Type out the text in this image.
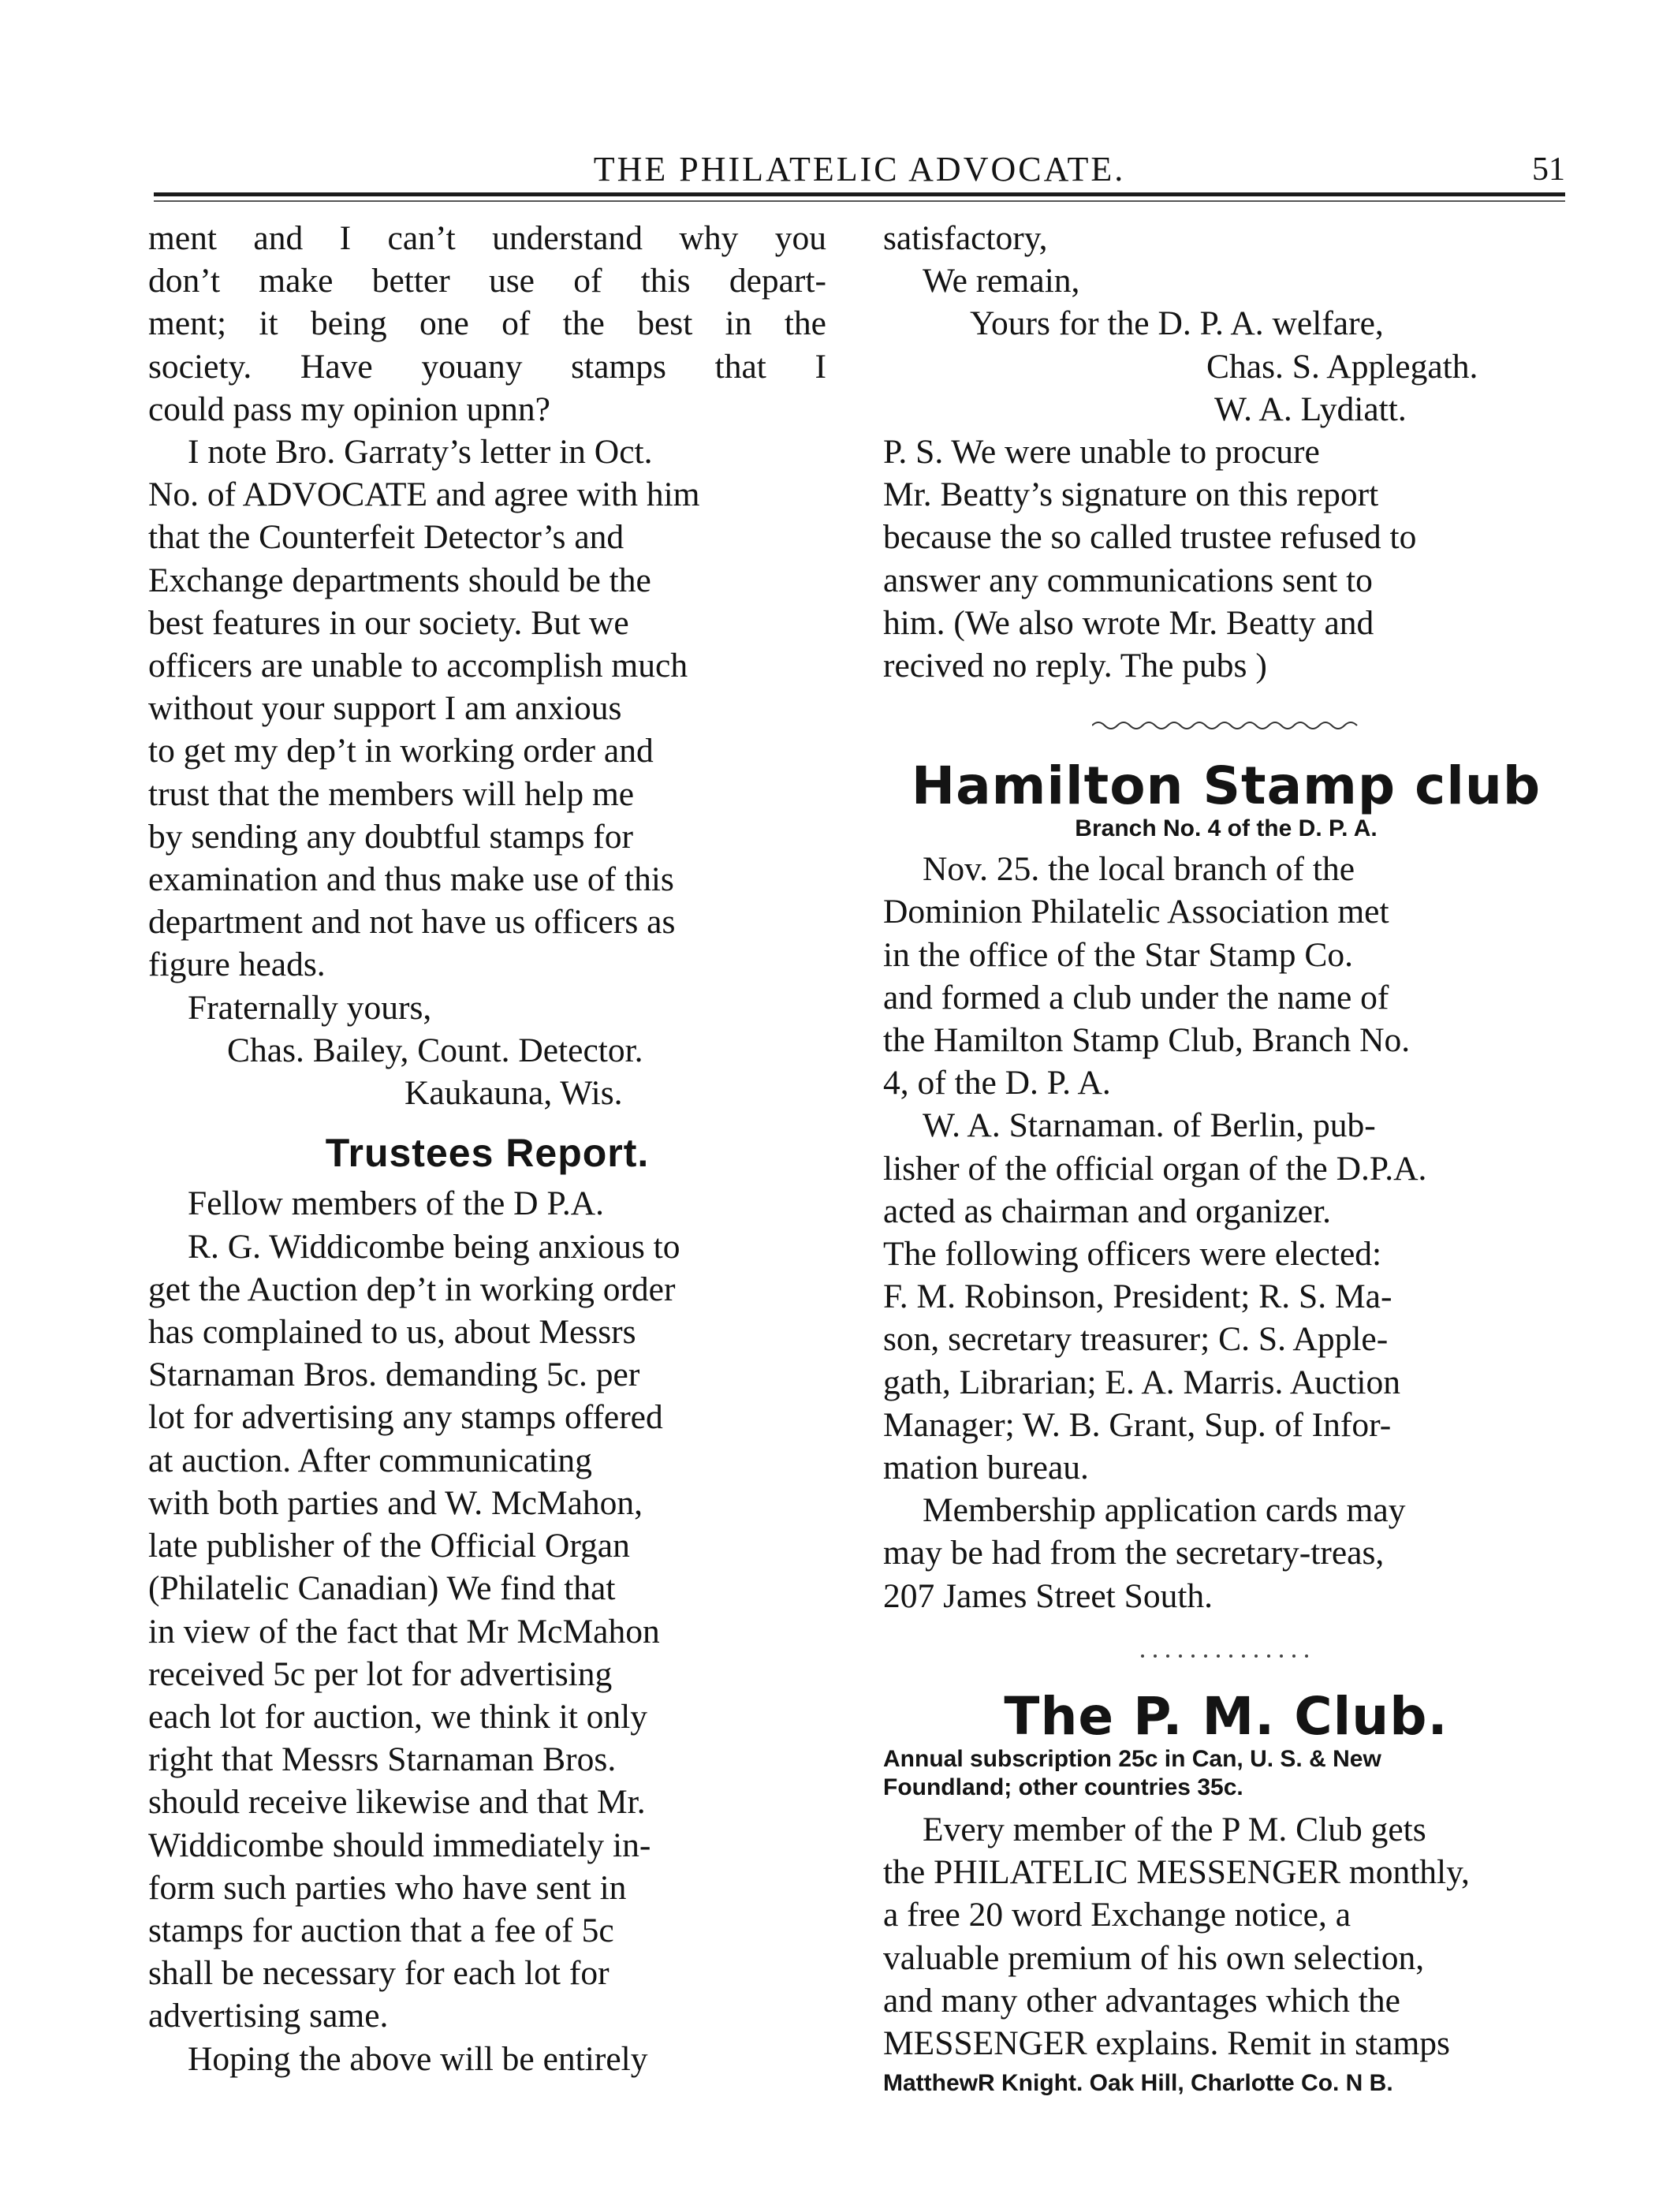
THE PHILATELIC ADVOCATE.	51
ment and I can’t understand why you
don’t make better use of this depart-
ment; it being one of the best in the
society. Have youany stamps that I
could pass my opinion upnn?
I note Bro. Garraty’s letter in Oct.
No. of ADVOCATE and agree with him
that the Counterfeit Detector’s and
Exchange departments should be the
best features in our society. But we
officers are unable to accomplish much
without your support I am anxious
to get my dep’t in working order and
trust that the members will help me
by sending any doubtful stamps for
examination and thus make use of this
department and not have us officers as
figure heads.
Fraternally yours,
Chas. Bailey, Count. Detector.
Kaukauna, Wis.
Trustees Report.
Fellow members of the D P.A.
R. G. Widdicombe being anxious to
get the Auction dep’t in working order
has complained to us, about Messrs
Starnaman Bros. demanding 5c. per
lot for advertising any stamps offered
at auction. After communicating
with both parties and W. McMahon,
late publisher of the Official Organ
(Philatelic Canadian) We find that
in view of the fact that Mr McMahon
received 5c per lot for advertising
each lot for auction, we think it only
right that Messrs Starnaman Bros.
should receive likewise and that Mr.
Widdicombe should immediately in-
form such parties who have sent in
stamps for auction that a fee of 5c
shall be necessary for each lot for
advertising same.
Hoping the above will be entirely
satisfactory,
We remain,
Yours for the D. P. A. welfare,
Chas. S. Applegath.
W. A. Lydiatt.
P. S. We were unable to procure
Mr. Beatty’s signature on this report
because the so called trustee refused to
answer any communications sent to
him. (We also wrote Mr. Beatty and
recived no reply. The pubs )
Hamilton Stamp club
Branch No. 4 of the D. P. A.
Nov. 25. the local branch of the
Dominion Philatelic Association met
in the office of the Star Stamp Co.
and formed a club under the name of
the Hamilton Stamp Club, Branch No.
4, of the D. P. A.
W. A. Starnaman. of Berlin, pub-
lisher of the official organ of the D.P.A.
acted as chairman and organizer.
The following officers were elected:
F. M. Robinson, President; R. S. Ma-
son, secretary treasurer; C. S. Apple-
gath, Librarian; E. A. Marris. Auction
Manager; W. B. Grant, Sup. of Infor-
mation bureau.
Membership application cards may
may be had from the secretary-treas,
207 James Street South.
The P. M. Club.
Annual subscription 25c in Can, U. S. & New
Foundland; other countries 35c.
Every member of the P M. Club gets
the PHILATELIC MESSENGER monthly,
a free 20 word Exchange notice, a
valuable premium of his own selection,
and many other advantages which the
MESSENGER explains. Remit in stamps
MatthewR Knight. Oak Hill, Charlotte Co. N B.
